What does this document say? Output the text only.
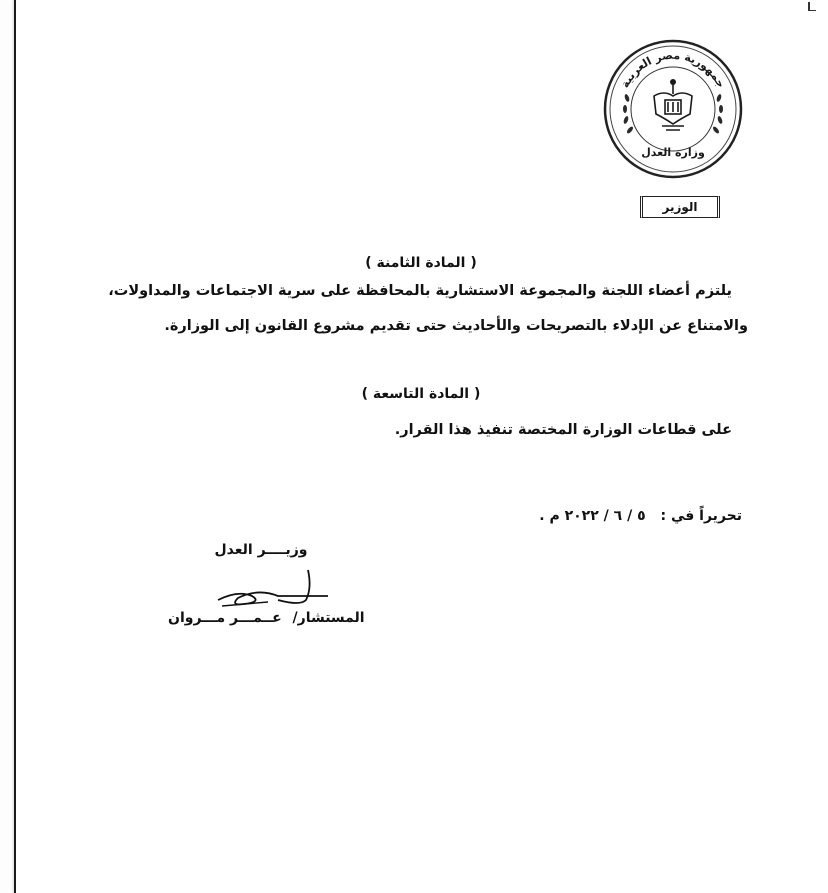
جمهورية مصر العربية
وزارة العدل
الوزير
( المادة الثامنة )
يلتزم أعضاء اللجنة والمجموعة الاستشارية بالمحافظة على سرية الاجتماعات والمداولات،
والامتناع عن الإدلاء بالتصريحات والأحاديث حتى تقديم مشروع القانون إلى الوزارة.
( المادة التاسعة )
على قطاعات الوزارة المختصة تنفيذ هذا القرار.
تحريراً في : ٥ / ٦ / ٢٠٢٢ م .
وزيــــر العدل
المستشار/ عــمـــر مـــروان
